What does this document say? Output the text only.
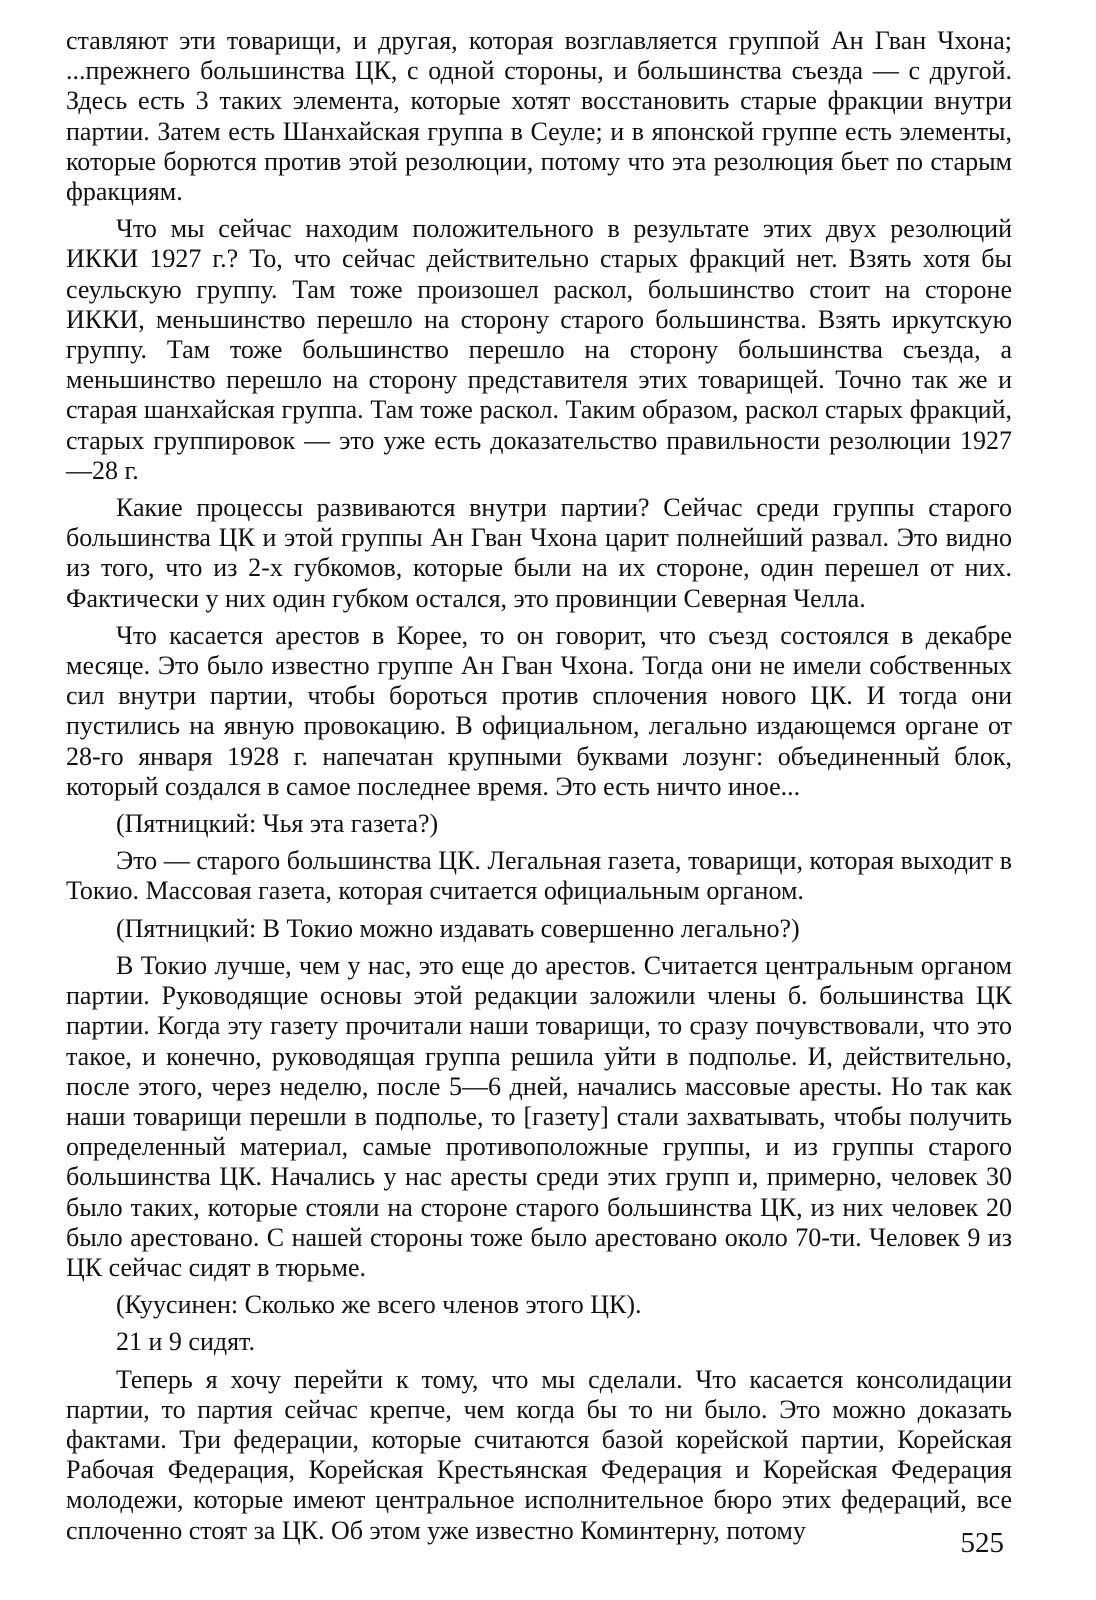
ставляют эти товарищи, и другая, которая возглавляется группой Ан Гван Чхона; ...прежнего большинства ЦК, с одной стороны, и большинства съезда — с другой. Здесь есть 3 таких элемента, которые хотят восстановить старые фракции внутри партии. Затем есть Шанхайская группа в Сеуле; и в японской группе есть элементы, которые борются против этой резолюции, потому что эта резолюция бьет по старым фракциям.

Что мы сейчас находим положительного в результате этих двух резолюций ИККИ 1927 г.? То, что сейчас действительно старых фракций нет. Взять хотя бы сеульскую группу. Там тоже произошел раскол, большинство стоит на стороне ИККИ, меньшинство перешло на сторону старого большинства. Взять иркутскую группу. Там тоже большинство перешло на сторону большинства съезда, а меньшинство перешло на сторону представителя этих товарищей. Точно так же и старая шанхайская группа. Там тоже раскол. Таким образом, раскол старых фракций, старых группировок — это уже есть доказательство правильности резолюции 1927—28 г.

Какие процессы развиваются внутри партии? Сейчас среди группы старого большинства ЦК и этой группы Ан Гван Чхона царит полнейший развал. Это видно из того, что из 2-х губкомов, которые были на их стороне, один перешел от них. Фактически у них один губком остался, это провинции Северная Челла.

Что касается арестов в Корее, то он говорит, что съезд состоялся в декабре месяце. Это было известно группе Ан Гван Чхона. Тогда они не имели собственных сил внутри партии, чтобы бороться против сплочения нового ЦК. И тогда они пустились на явную провокацию. В официальном, легально издающемся органе от 28-го января 1928 г. напечатан крупными буквами лозунг: объединенный блок, который создался в самое последнее время. Это есть ничто иное...

(Пятницкий: Чья эта газета?)

Это — старого большинства ЦК. Легальная газета, товарищи, которая выходит в Токио. Массовая газета, которая считается официальным органом.

(Пятницкий: В Токио можно издавать совершенно легально?)

В Токио лучше, чем у нас, это еще до арестов. Считается центральным органом партии. Руководящие основы этой редакции заложили члены б. большинства ЦК партии. Когда эту газету прочитали наши товарищи, то сразу почувствовали, что это такое, и конечно, руководящая группа решила уйти в подполье. И, действительно, после этого, через неделю, после 5—6 дней, начались массовые аресты. Но так как наши товарищи перешли в подполье, то [газету] стали захватывать, чтобы получить определенный материал, самые противоположные группы, и из группы старого большинства ЦК. Начались у нас аресты среди этих групп и, примерно, человек 30 было таких, которые стояли на стороне старого большинства ЦК, из них человек 20 было арестовано. С нашей стороны тоже было арестовано около 70-ти. Человек 9 из ЦК сейчас сидят в тюрьме.

(Куусинен: Сколько же всего членов этого ЦК).

21 и 9 сидят.

Теперь я хочу перейти к тому, что мы сделали. Что касается консолидации партии, то партия сейчас крепче, чем когда бы то ни было. Это можно доказать фактами. Три федерации, которые считаются базой корейской партии, Корейская Рабочая Федерация, Корейская Крестьянская Федерация и Корейская Федерация молодежи, которые имеют центральное исполнительное бюро этих федераций, все сплоченно стоят за ЦК. Об этом уже известно Коминтерну, потому	525
